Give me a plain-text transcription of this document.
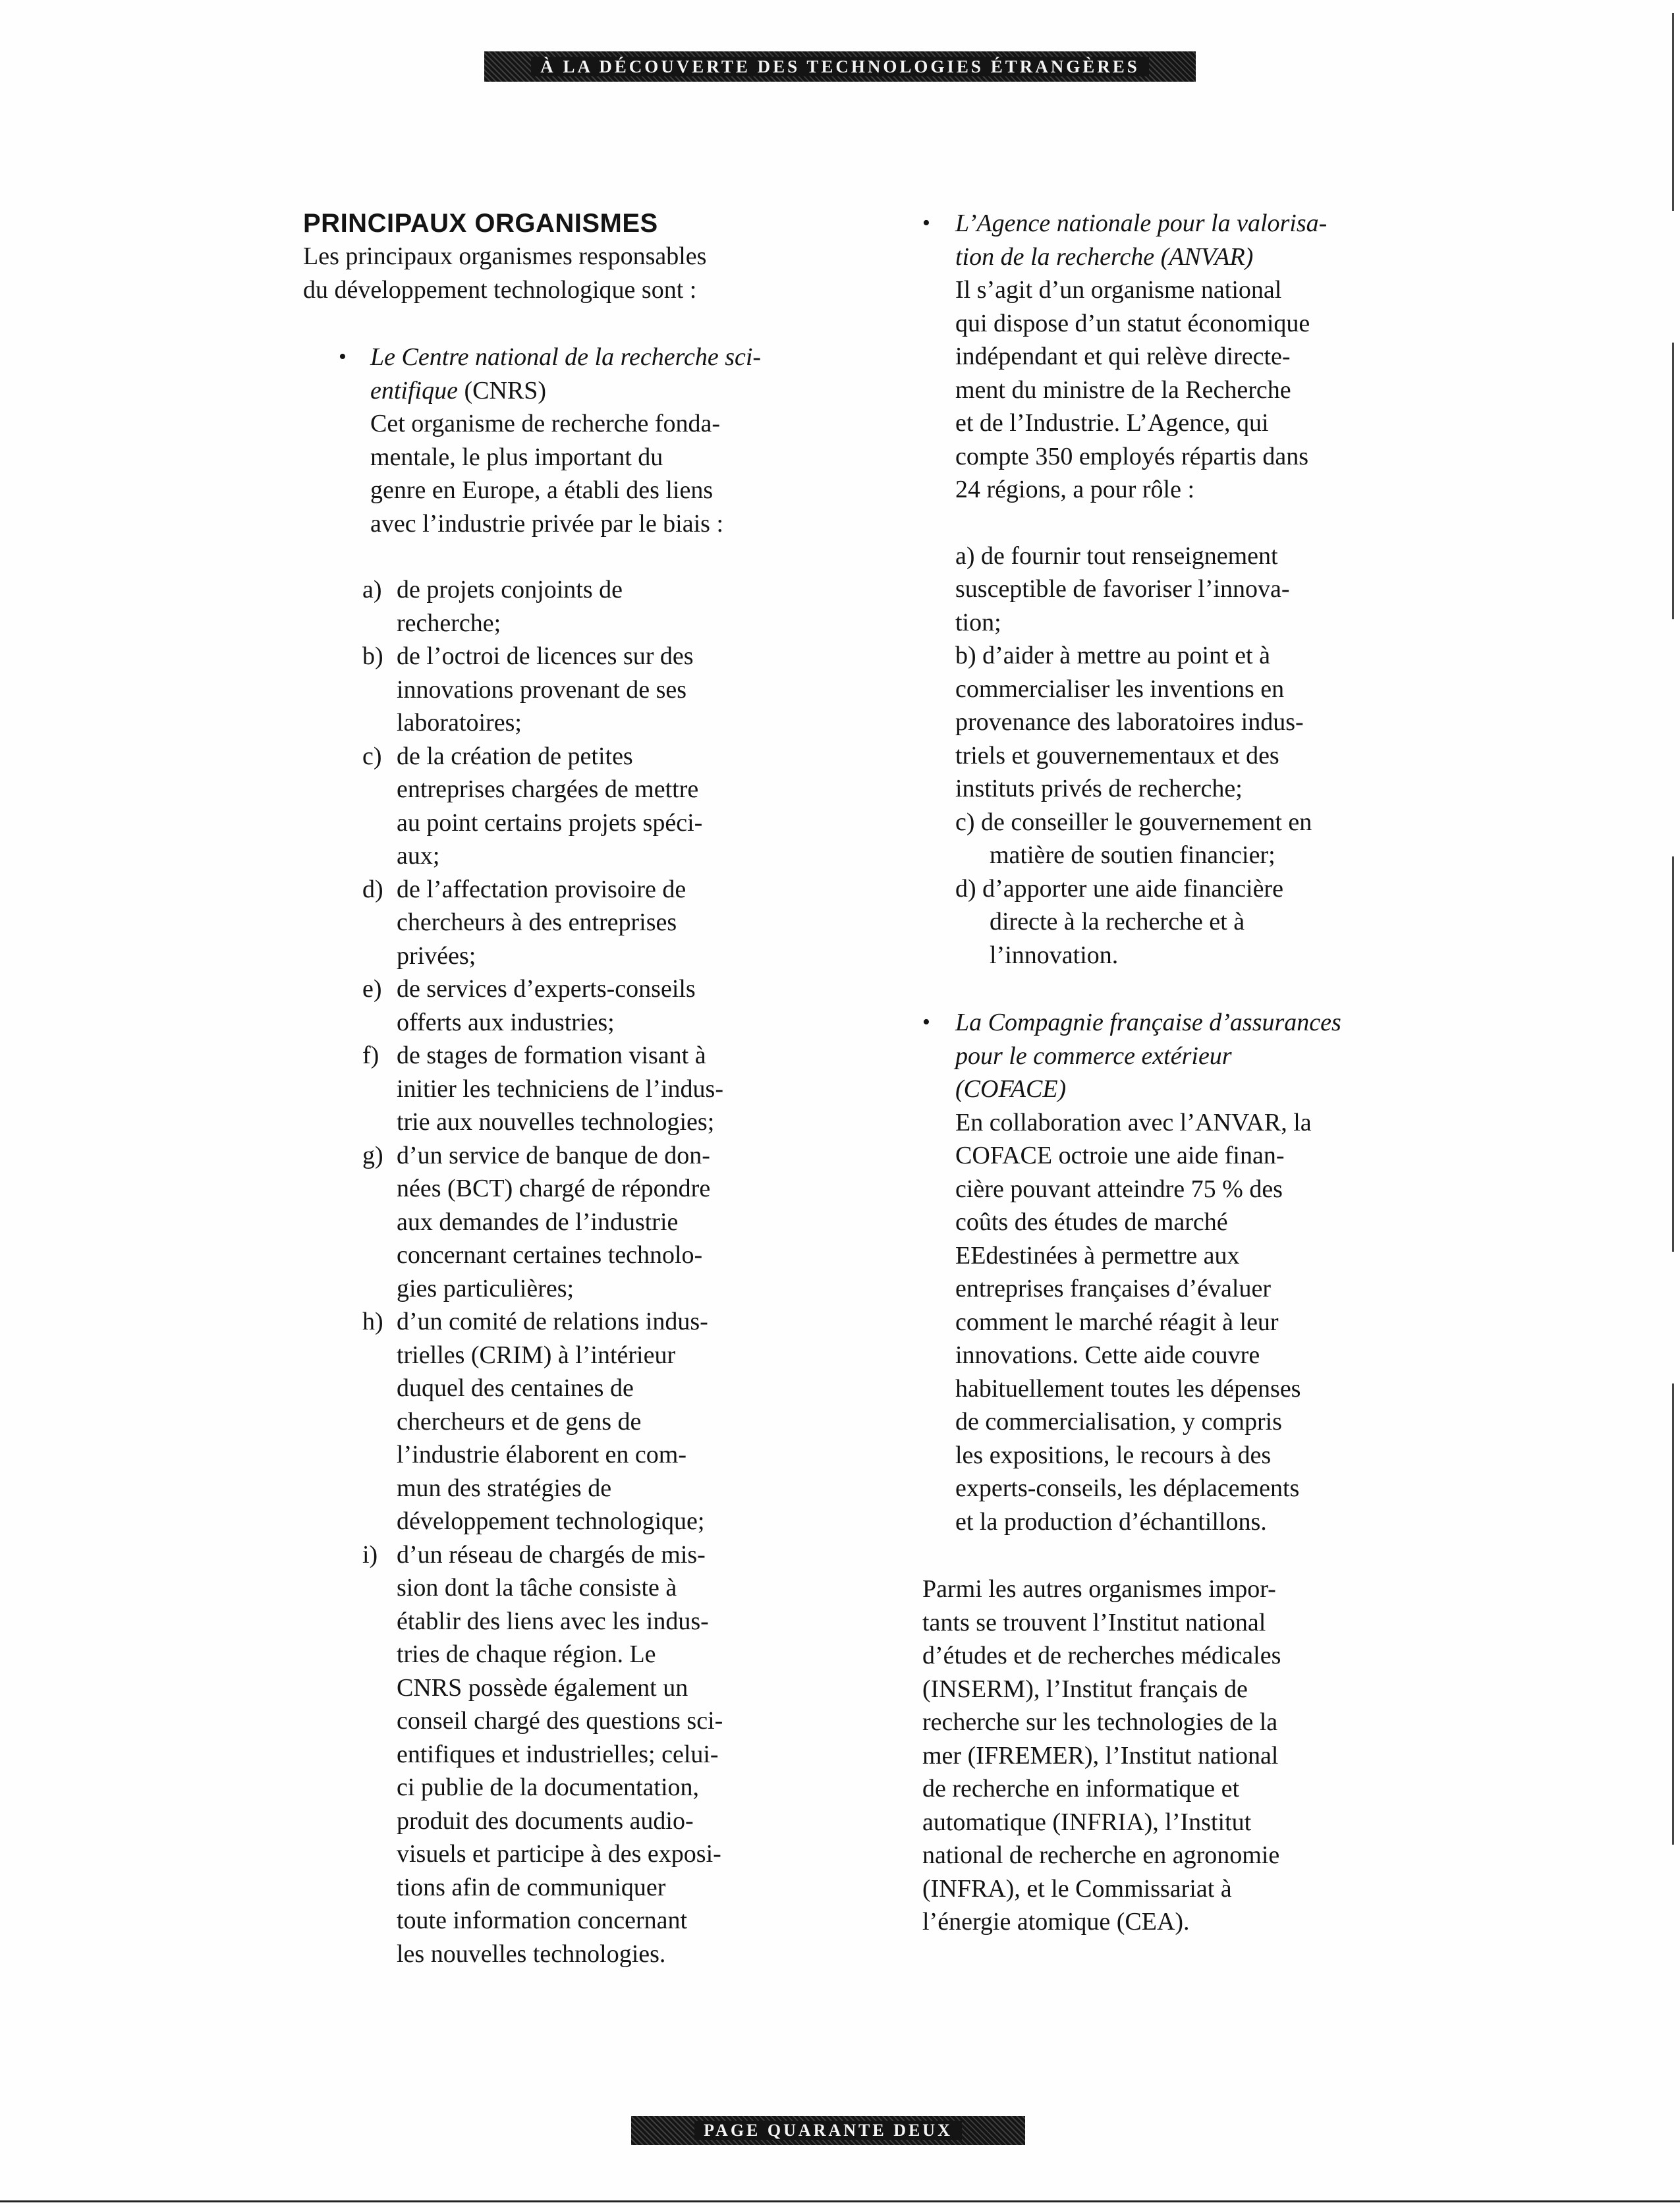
À LA DÉCOUVERTE DES TECHNOLOGIES ÉTRANGÈRES
PRINCIPAUX ORGANISMES
Les principaux organismes responsables
du développement technologique sont :
• Le Centre national de la recherche sci-
entifique (CNRS)
Cet organisme de recherche fonda-
mentale, le plus important du
genre en Europe, a établi des liens
avec l’industrie privée par le biais :
a) de projets conjoints de
recherche;
b) de l’octroi de licences sur des
innovations provenant de ses
laboratoires;
c) de la création de petites
entreprises chargées de mettre
au point certains projets spéci-
aux;
d) de l’affectation provisoire de
chercheurs à des entreprises
privées;
e) de services d’experts-conseils
offerts aux industries;
f) de stages de formation visant à
initier les techniciens de l’indus-
trie aux nouvelles technologies;
g) d’un service de banque de don-
nées (BCT) chargé de répondre
aux demandes de l’industrie
concernant certaines technolo-
gies particulières;
h) d’un comité de relations indus-
trielles (CRIM) à l’intérieur
duquel des centaines de
chercheurs et de gens de
l’industrie élaborent en com-
mun des stratégies de
développement technologique;
i) d’un réseau de chargés de mis-
sion dont la tâche consiste à
établir des liens avec les indus-
tries de chaque région. Le
CNRS possède également un
conseil chargé des questions sci-
entifiques et industrielles; celui-
ci publie de la documentation,
produit des documents audio-
visuels et participe à des exposi-
tions afin de communiquer
toute information concernant
les nouvelles technologies.
• L’Agence nationale pour la valorisa-
tion de la recherche (ANVAR)
Il s’agit d’un organisme national
qui dispose d’un statut économique
indépendant et qui relève directe-
ment du ministre de la Recherche
et de l’Industrie. L’Agence, qui
compte 350 employés répartis dans
24 régions, a pour rôle :
a) de fournir tout renseignement
susceptible de favoriser l’innova-
tion;
b) d’aider à mettre au point et à
commercialiser les inventions en
provenance des laboratoires indus-
triels et gouvernementaux et des
instituts privés de recherche;
c) de conseiller le gouvernement en
matière de soutien financier;
d) d’apporter une aide financière
directe à la recherche et à
l’innovation.
• La Compagnie française d’assurances
pour le commerce extérieur
(COFACE)
En collaboration avec l’ANVAR, la
COFACE octroie une aide finan-
cière pouvant atteindre 75 % des
coûts des études de marché
EEdestinées à permettre aux
entreprises françaises d’évaluer
comment le marché réagit à leur
innovations. Cette aide couvre
habituellement toutes les dépenses
de commercialisation, y compris
les expositions, le recours à des
experts-conseils, les déplacements
et la production d’échantillons.
Parmi les autres organismes impor-
tants se trouvent l’Institut national
d’études et de recherches médicales
(INSERM), l’Institut français de
recherche sur les technologies de la
mer (IFREMER), l’Institut national
de recherche en informatique et
automatique (INFRIA), l’Institut
national de recherche en agronomie
(INFRA), et le Commissariat à
l’énergie atomique (CEA).
PAGE QUARANTE DEUX
